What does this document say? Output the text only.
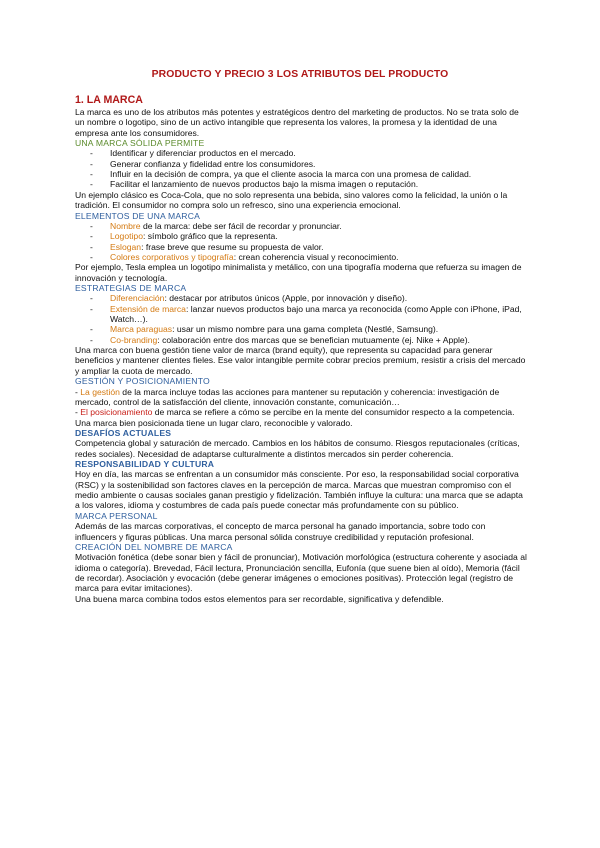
PRODUCTO Y PRECIO 3 LOS ATRIBUTOS DEL PRODUCTO
1. LA MARCA

La marca es uno de los atributos más potentes y estratégicos dentro del marketing de productos. No se trata solo de un nombre o logotipo, sino de un activo intangible que representa los valores, la promesa y la identidad de una empresa ante los consumidores.

UNA MARCA SÓLIDA PERMITE
- Identificar y diferenciar productos en el mercado.
- Generar confianza y fidelidad entre los consumidores.
- Influir en la decisión de compra, ya que el cliente asocia la marca con una promesa de calidad.
- Facilitar el lanzamiento de nuevos productos bajo la misma imagen o reputación.

Un ejemplo clásico es Coca-Cola, que no solo representa una bebida, sino valores como la felicidad, la unión o la tradición. El consumidor no compra solo un refresco, sino una experiencia emocional.

ELEMENTOS DE UNA MARCA
- Nombre de la marca: debe ser fácil de recordar y pronunciar.
- Logotipo: símbolo gráfico que la representa.
- Eslogan: frase breve que resume su propuesta de valor.
- Colores corporativos y tipografía: crean coherencia visual y reconocimiento.

Por ejemplo, Tesla emplea un logotipo minimalista y metálico, con una tipografía moderna que refuerza su imagen de innovación y tecnología.

ESTRATEGIAS DE MARCA
- Diferenciación: destacar por atributos únicos (Apple, por innovación y diseño).
- Extensión de marca: lanzar nuevos productos bajo una marca ya reconocida (como Apple con iPhone, iPad, Watch…).
- Marca paraguas: usar un mismo nombre para una gama completa (Nestlé, Samsung).
- Co-branding: colaboración entre dos marcas que se benefician mutuamente (ej. Nike + Apple).

Una marca con buena gestión tiene valor de marca (brand equity), que representa su capacidad para generar beneficios y mantener clientes fieles. Ese valor intangible permite cobrar precios premium, resistir a crisis del mercado y ampliar la cuota de mercado.

GESTIÓN Y POSICIONAMIENTO

- La gestión de la marca incluye todas las acciones para mantener su reputación y coherencia: investigación de mercado, control de la satisfacción del cliente, innovación constante, comunicación…

- El posicionamiento de marca se refiere a cómo se percibe en la mente del consumidor respecto a la competencia. Una marca bien posicionada tiene un lugar claro, reconocible y valorado.

DESAFÍOS ACTUALES

Competencia global y saturación de mercado. Cambios en los hábitos de consumo. Riesgos reputacionales (críticas, redes sociales). Necesidad de adaptarse culturalmente a distintos mercados sin perder coherencia.

RESPONSABILIDAD Y CULTURA

Hoy en día, las marcas se enfrentan a un consumidor más consciente. Por eso, la responsabilidad social corporativa (RSC) y la sostenibilidad son factores claves en la percepción de marca. Marcas que muestran compromiso con el medio ambiente o causas sociales ganan prestigio y fidelización. También influye la cultura: una marca que se adapta a los valores, idioma y costumbres de cada país puede conectar más profundamente con su público.

MARCA PERSONAL

Además de las marcas corporativas, el concepto de marca personal ha ganado importancia, sobre todo con influencers y figuras públicas. Una marca personal sólida construye credibilidad y reputación profesional.

CREACIÓN DEL NOMBRE DE MARCA

Motivación fonética (debe sonar bien y fácil de pronunciar), Motivación morfológica (estructura coherente y asociada al idioma o categoría). Brevedad, Fácil lectura, Pronunciación sencilla, Eufonía (que suene bien al oído), Memoria (fácil de recordar). Asociación y evocación (debe generar imágenes o emociones positivas). Protección legal (registro de marca para evitar imitaciones).

Una buena marca combina todos estos elementos para ser recordable, significativa y defendible.
